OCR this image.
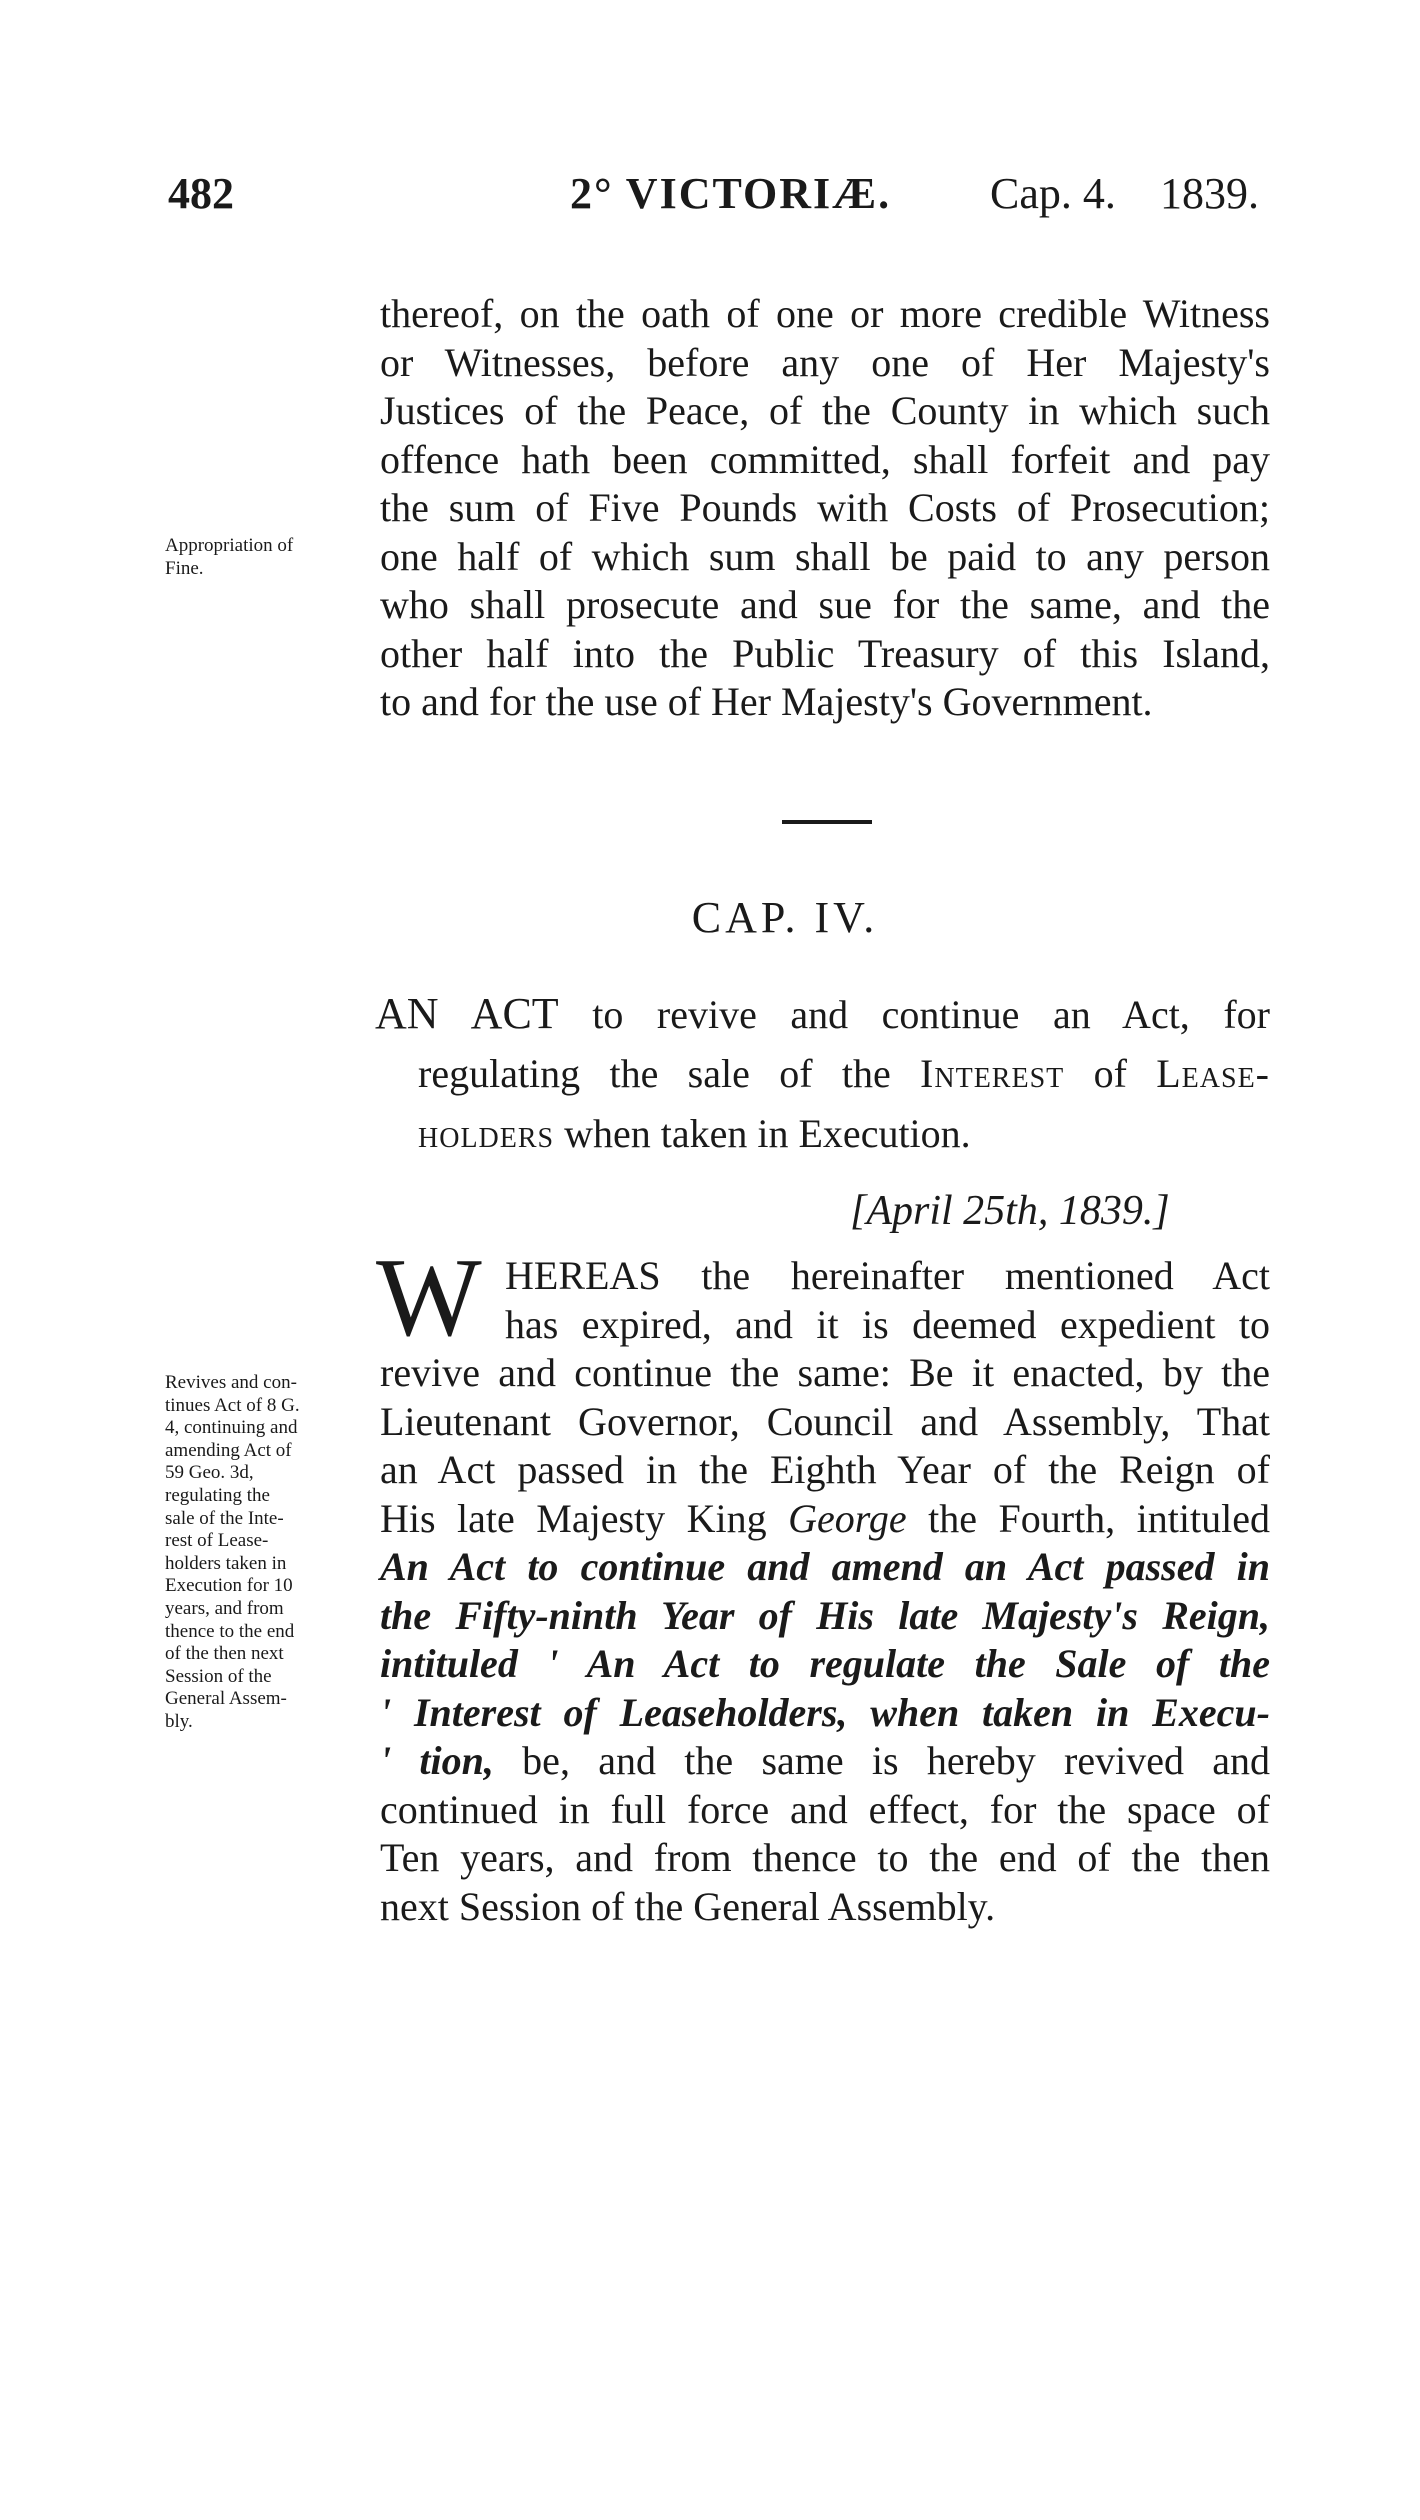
482	2° VICTORIÆ. Cap. 4. 1839.
thereof, on the oath of one or more credible Witness
or Witnesses, before any one of Her Majesty's
Justices of the Peace, of the County in which such
offence hath been committed, shall forfeit and pay
the sum of Five Pounds with Costs of Prosecution;
one half of which sum shall be paid to any person
who shall prosecute and sue for the same, and the
other half into the Public Treasury of this Island,
to and for the use of Her Majesty's Government.
Appropriation of
Fine.
CAP. IV.
AN ACT to revive and continue an Act, for
regulating the sale of the Interest of Lease-
holders when taken in Execution.
[April 25th, 1839.]
W HEREAS the hereinafter mentioned Act
has expired, and it is deemed expedient to
revive and continue the same: Be it enacted, by the
Lieutenant Governor, Council and Assembly, That
an Act passed in the Eighth Year of the Reign of
His late Majesty King George the Fourth, intituled
An Act to continue and amend an Act passed in
the Fifty-ninth Year of His late Majesty's Reign,
intituled ' An Act to regulate the Sale of the
' Interest of Leaseholders, when taken in Execu-
' tion, be, and the same is hereby revived and
continued in full force and effect, for the space of
Ten years, and from thence to the end of the then
next Session of the General Assembly.
Revives and con-
tinues Act of 8 G.
4, continuing and
amending Act of
59 Geo. 3d,
regulating the
sale of the Inte-
rest of Lease-
holders taken in
Execution for 10
years, and from
thence to the end
of the then next
Session of the
General Assem-
bly.
